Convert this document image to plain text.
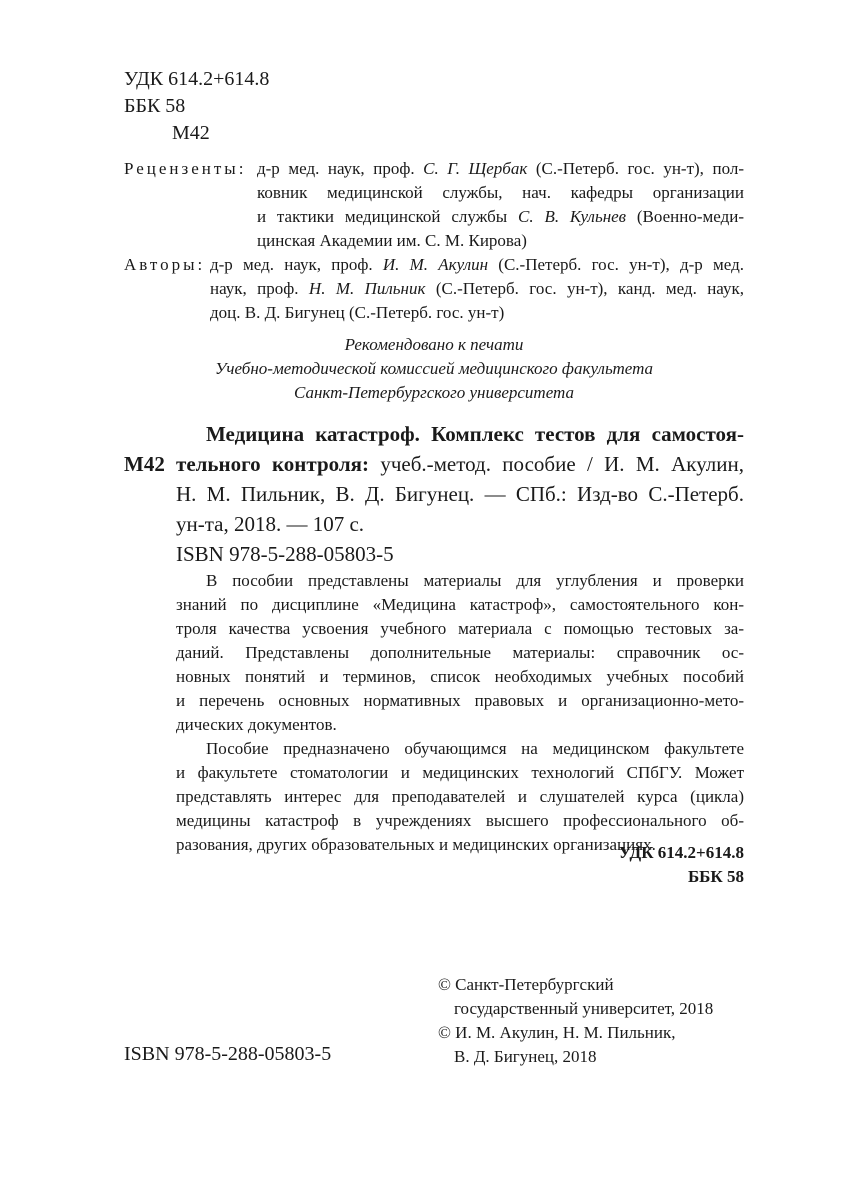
УДК 614.2+614.8
ББК 58
М42
Рецензенты: д-р мед. наук, проф. С. Г. Щербак (С.-Петерб. гос. ун-т), пол-
ковник медицинской службы, нач. кафедры организации
и тактики медицинской службы С. В. Кульнев (Военно-меди-
цинская Академии им. С. М. Кирова)
Авторы: д-р мед. наук, проф. И. М. Акулин (С.-Петерб. гос. ун-т), д-р мед.
наук, проф. Н. М. Пильник (С.-Петерб. гос. ун-т), канд. мед. наук,
доц. В. Д. Бигунец (С.-Петерб. гос. ун-т)
Рекомендовано к печати
Учебно-методической комиссией медицинского факультета
Санкт-Петербургского университета
М42
Медицина катастроф. Комплекс тестов для самостоя-
тельного контроля: учеб.-метод. пособие / И. М. Акулин,
Н. М. Пильник, В. Д. Бигунец. — СПб.: Изд-во С.-Петерб.
ун-та, 2018. — 107 с.
ISBN 978-5-288-05803-5
В пособии представлены материалы для углубления и проверки
знаний по дисциплине «Медицина катастроф», самостоятельного кон-
троля качества усвоения учебного материала с помощью тестовых за-
даний. Представлены дополнительные материалы: справочник ос-
новных понятий и терминов, список необходимых учебных пособий
и перечень основных нормативных правовых и организационно-мето-
дических документов.
Пособие предназначено обучающимся на медицинском факультете
и факультете стоматологии и медицинских технологий СПбГУ. Может
представлять интерес для преподавателей и слушателей курса (цикла)
медицины катастроф в учреждениях высшего профессионального об-
разования, других образовательных и медицинских организациях.
УДК 614.2+614.8
ББК 58
ISBN 978-5-288-05803-5
© Санкт-Петербургский
государственный университет, 2018
© И. М. Акулин, Н. М. Пильник,
В. Д. Бигунец, 2018
